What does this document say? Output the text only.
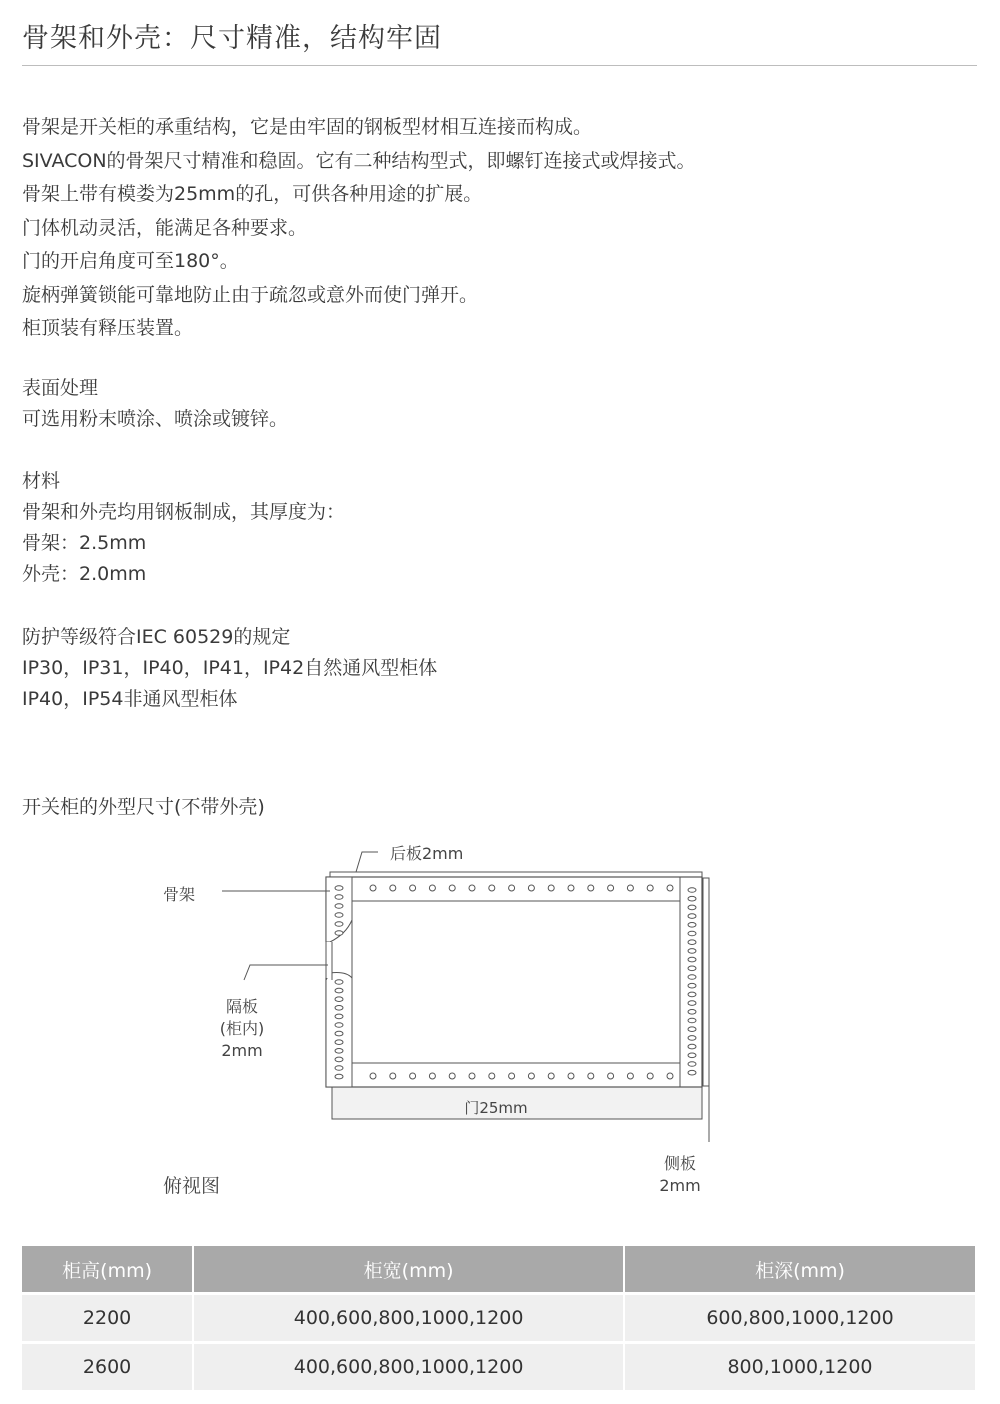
骨架和外壳：尺寸精准，结构牢固
骨架是开关柜的承重结构，它是由牢固的钢板型材相互连接而构成。
SIVACON的骨架尺寸精准和稳固。它有二种结构型式，即螺钉连接式或焊接式。
骨架上带有模娄为25mm的孔，可供各种用途的扩展。
门体机动灵活，能满足各种要求。
门的开启角度可至180°。
旋柄弹簧锁能可靠地防止由于疏忽或意外而使门弹开。
柜顶装有释压装置。
表面处理
可选用粉末喷涂、喷涂或镀锌。
材料
骨架和外壳均用钢板制成，其厚度为：
骨架：2.5mm
外壳：2.0mm
防护等级符合IEC 60529的规定
IP30，IP31，IP40，IP41，IP42自然通风型柜体
IP40，IP54非通风型柜体
开关柜的外型尺寸(不带外壳)
后板2mm
骨架
隔板
(柜内)
2mm
门25mm
侧板
2mm
俯视图
柜高(mm)	柜宽(mm)	柜深(mm)
2200	400,600,800,1000,1200	600,800,1000,1200
2600	400,600,800,1000,1200	800,1000,1200
